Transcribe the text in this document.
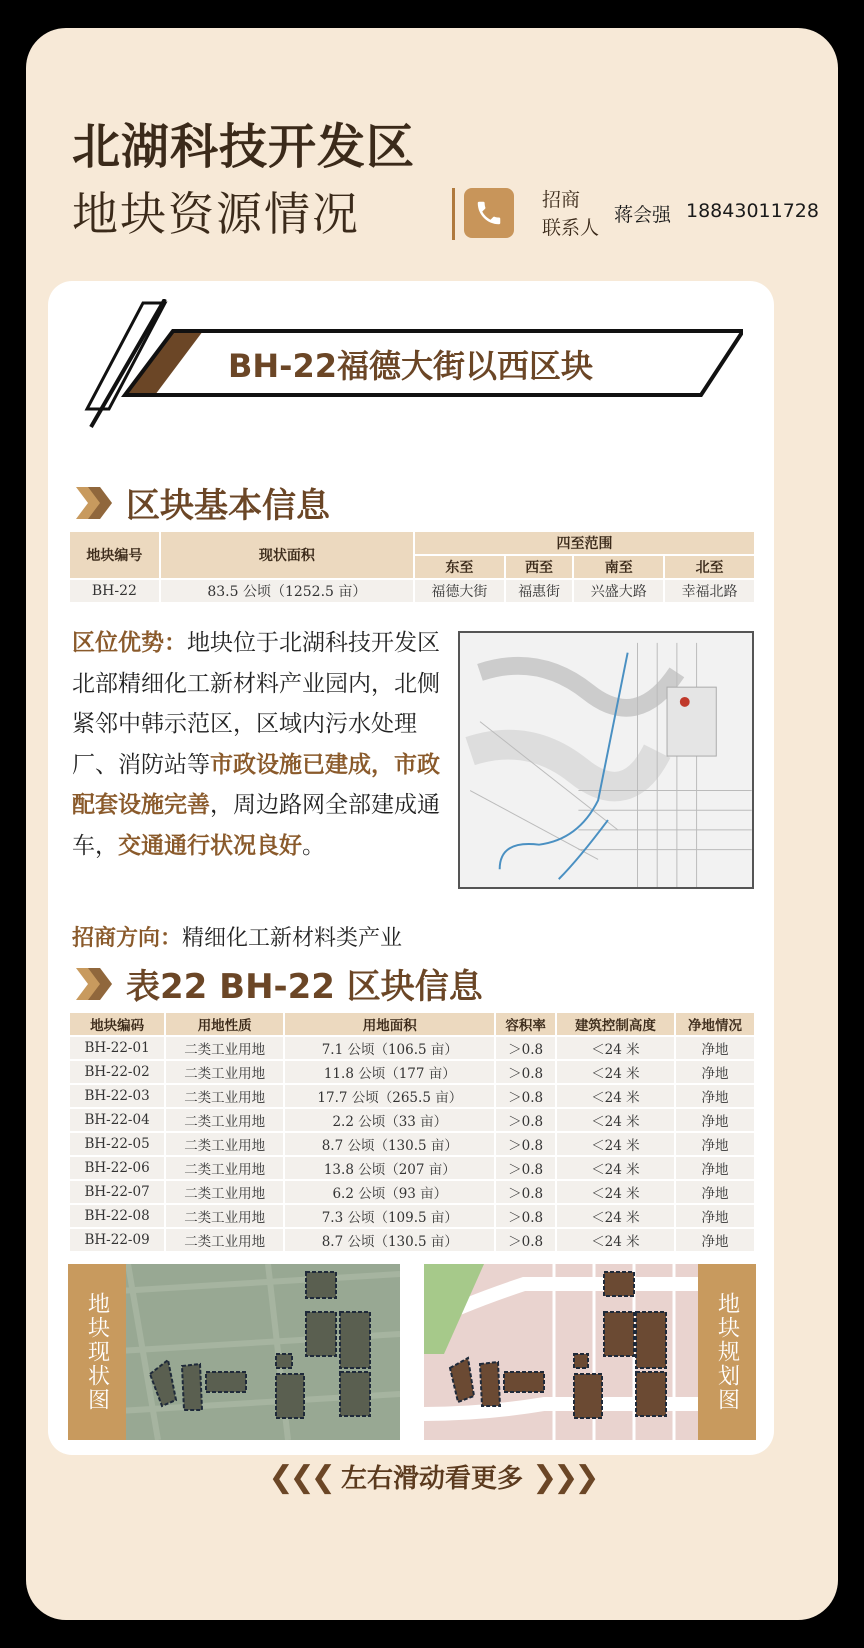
北湖科技开发区
地块资源情况	招商
联系人
蒋会强 18843011728
BH-22福德大街以西区块
区块基本信息
地块编号	现状面积	四至范围			
		东至	西至	南至	北至
BH-22	83.5 公顷（1252.5 亩）	福德大街	福惠街	兴盛大路	幸福北路
区位优势：地块位于北湖科技开发区北部精细化工新材料产业园内，北侧紧邻中韩示范区，区域内污水处理厂、消防站等市政设施已建成，市政配套设施完善，周边路网全部建成通车，交通通行状况良好。
招商方向：精细化工新材料类产业
表22 BH-22 区块信息
地块编码	用地性质	用地面积	容积率	建筑控制高度	净地情况
BH-22-01	二类工业用地	7.1 公顷（106.5 亩）	＞0.8	＜24 米	净地
BH-22-02	二类工业用地	11.8 公顷（177 亩）	＞0.8	＜24 米	净地
BH-22-03	二类工业用地	17.7 公顷（265.5 亩）	＞0.8	＜24 米	净地
BH-22-04	二类工业用地	2.2 公顷（33 亩）	＞0.8	＜24 米	净地
BH-22-05	二类工业用地	8.7 公顷（130.5 亩）	＞0.8	＜24 米	净地
BH-22-06	二类工业用地	13.8 公顷（207 亩）	＞0.8	＜24 米	净地
BH-22-07	二类工业用地	6.2 公顷（93 亩）	＞0.8	＜24 米	净地
BH-22-08	二类工业用地	7.3 公顷（109.5 亩）	＞0.8	＜24 米	净地
BH-22-09	二类工业用地	8.7 公顷（130.5 亩）	＞0.8	＜24 米	净地
地块现状图	地块规划图
❮❮❮ 左右滑动看更多 ❯❯❯
